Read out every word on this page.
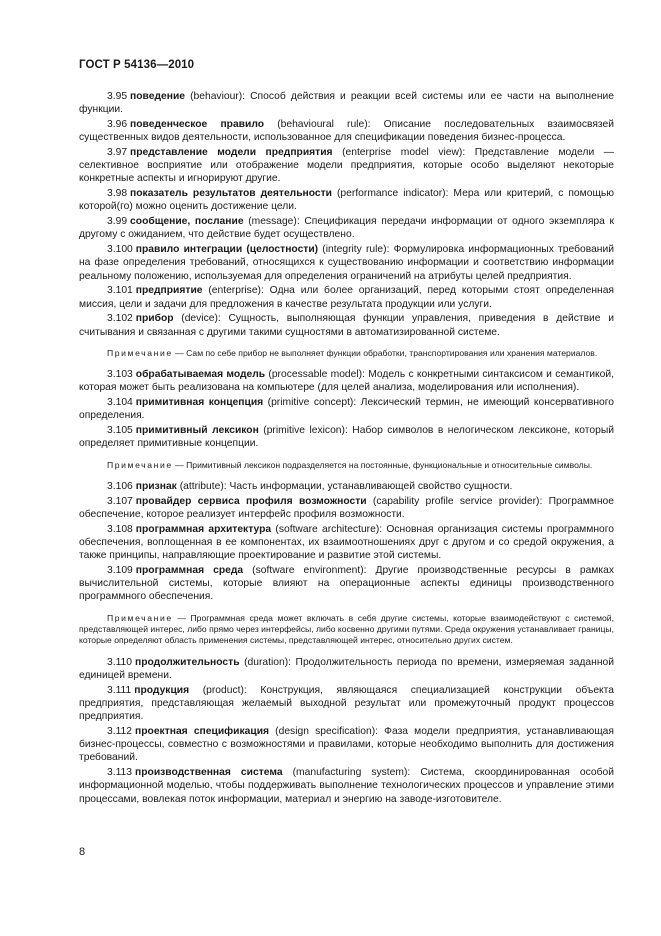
ГОСТ Р 54136—2010

3.95 поведение (behaviour): Способ действия и реакции всей системы или ее части на выполнение функции.

3.96 поведенческое правило (behavioural rule): Описание последовательных взаимосвязей существенных видов деятельности, использованное для спецификации поведения бизнес-процесса.

3.97 представление модели предприятия (enterprise model view): Представление модели — селективное восприятие или отображение модели предприятия, которые особо выделяют некоторые конкретные аспекты и игнорируют другие.

3.98 показатель результатов деятельности (performance indicator): Мера или критерий, с помощью которой(го) можно оценить достижение цели.

3.99 сообщение, послание (message): Спецификация передачи информации от одного экземпляра к другому с ожиданием, что действие будет осуществлено.

3.100 правило интеграции (целостности) (integrity rule): Формулировка информационных требований на фазе определения требований, относящихся к существованию информации и соответствию информации реальному положению, используемая для определения ограничений на атрибуты целей предприятия.

3.101 предприятие (enterprise): Одна или более организаций, перед которыми стоят определенная миссия, цели и задачи для предложения в качестве результата продукции или услуги.

3.102 прибор (device): Сущность, выполняющая функции управления, приведения в действие и считывания и связанная с другими такими сущностями в автоматизированной системе.

Примечание — Сам по себе прибор не выполняет функции обработки, транспортирования или хранения материалов.

3.103 обрабатываемая модель (processable model): Модель с конкретными синтаксисом и семантикой, которая может быть реализована на компьютере (для целей анализа, моделирования или исполнения).

3.104 примитивная концепция (primitive concept): Лексический термин, не имеющий консервативного определения.

3.105 примитивный лексикон (primitive lexicon): Набор символов в нелогическом лексиконе, который определяет примитивные концепции.

Примечание — Примитивный лексикон подразделяется на постоянные, функциональные и относительные символы.

3.106 признак (attribute): Часть информации, устанавливающей свойство сущности.

3.107 провайдер сервиса профиля возможности (capability profile service provider): Программное обеспечение, которое реализует интерфейс профиля возможности.

3.108 программная архитектура (software architecture): Основная организация системы программного обеспечения, воплощенная в ее компонентах, их взаимоотношениях друг с другом и со средой окружения, а также принципы, направляющие проектирование и развитие этой системы.

3.109 программная среда (software environment): Другие производственные ресурсы в рамках вычислительной системы, которые влияют на операционные аспекты единицы производственного программного обеспечения.

Примечание — Программная среда может включать в себя другие системы, которые взаимодействуют с системой, представляющей интерес, либо прямо через интерфейсы, либо косвенно другими путями. Среда окружения устанавливает границы, которые определяют область применения системы, представляющей интерес, относительно других систем.

3.110 продолжительность (duration): Продолжительность периода по времени, измеряемая заданной единицей времени.

3.111 продукция (product): Конструкция, являющаяся специализацией конструкции объекта предприятия, представляющая желаемый выходной результат или промежуточный продукт процессов предприятия.

3.112 проектная спецификация (design specification): Фаза модели предприятия, устанавливающая бизнес-процессы, совместно с возможностями и правилами, которые необходимо выполнить для достижения требований.

3.113 производственная система (manufacturing system): Система, скоординированная особой информационной моделью, чтобы поддерживать выполнение технологических процессов и управление этими процессами, вовлекая поток информации, материал и энергию на заводе-изготовителе.

8
